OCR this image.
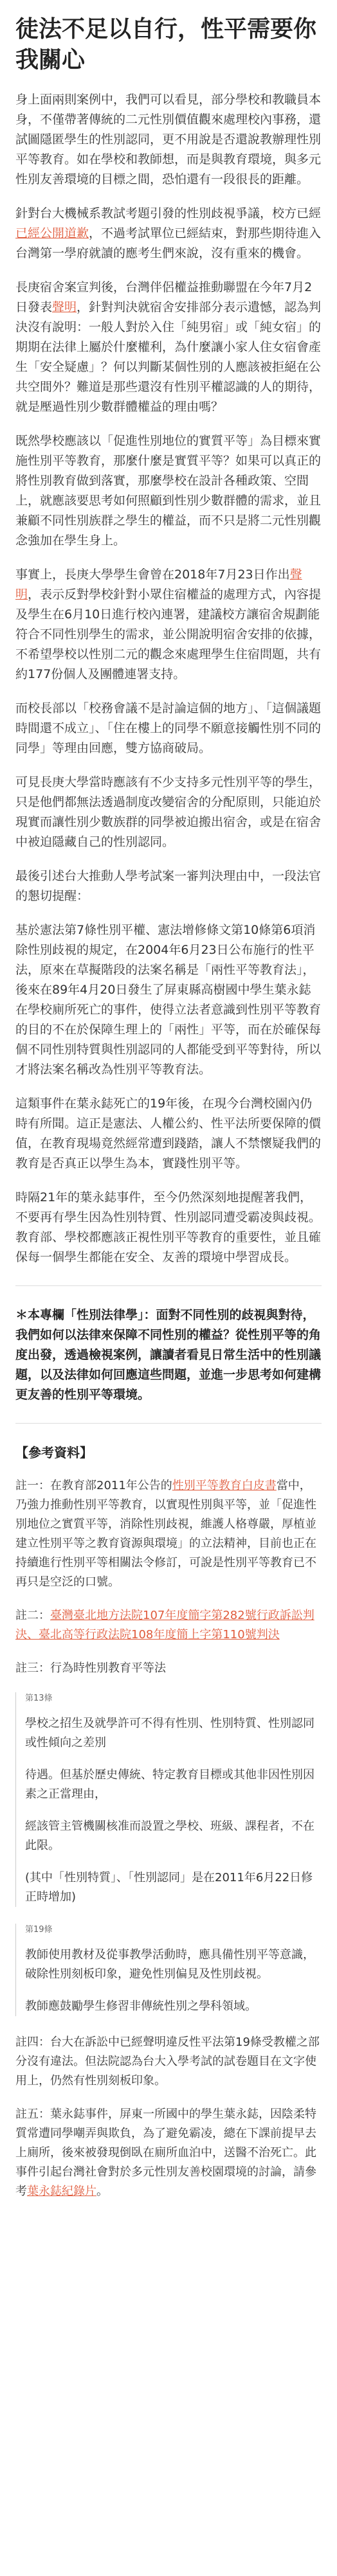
徒法不足以自行，性平需要你我關心

身上面兩則案例中，我們可以看見，部分學校和教職員本身，不僅帶著傳統的二元性別價值觀來處理校內事務，還試圖隱匿學生的性別認同，更不用說是否還說教辦理性別平等教育。如在學校和教師想，而是與教育環境，與多元性別友善環境的目標之間，恐怕還有一段很長的距離。

針對台大機械系教試考題引發的性別歧視爭議，校方已經已經公開道歉，不過考試單位已經結束，對那些期待進入台灣第一學府就讀的應考生們來說，沒有重來的機會。

長庚宿舍案宣判後，台灣伴侶權益推動聯盟在今年7月2日發表聲明，針對判決就宿舍安排部分表示遺憾，認為判決沒有說明：一般人對於入住「純男宿」或「純女宿」的期期在法律上屬於什麼權利，為什麼讓小家人住女宿會產生「安全疑慮」？何以判斷某個性別的人應該被拒絕在公共空間外？難道是那些還沒有性別平權認識的人的期待，就是壓過性別少數群體權益的理由嗎？

既然學校應該以「促進性別地位的實質平等」為目標來實施性別平等教育，那麼什麼是實質平等？如果可以真正的將性別教育做到落實，那麼學校在設計各種政策、空間上，就應該要思考如何照顧到性別少數群體的需求，並且兼顧不同性別族群之學生的權益，而不只是將二元性別觀念強加在學生身上。

事實上，長庚大學學生會曾在2018年7月23日作出聲明，表示反對學校針對小眾住宿權益的處理方式，內容提及學生在6月10日進行校內連署，建議校方讓宿舍規劃能符合不同性別學生的需求，並公開說明宿舍安排的依據，不希望學校以性別二元的觀念來處理學生住宿問題，共有約177份個人及團體連署支持。

而校長部以「校務會議不是討論這個的地方」、「這個議題時間還不成立」、「住在樓上的同學不願意接觸性別不同的同學」等理由回應，雙方協商破局。

可見長庚大學當時應該有不少支持多元性別平等的學生，只是他們都無法透過制度改變宿舍的分配原則，只能迫於現實而讓性別少數族群的同學被迫搬出宿舍，或是在宿舍中被迫隱藏自己的性別認同。

最後引述台大推動人學考試案一審判決理由中，一段法官的懇切提醒：

基於憲法第7條性別平權、憲法增修條文第10條第6項消除性別歧視的規定，在2004年6月23日公布施行的性平法，原來在草擬階段的法案名稱是「兩性平等教育法」，後來在89年4月20日發生了屏東縣高樹國中學生葉永鋕在學校廁所死亡的事件，使得立法者意識到性別平等教育的目的不在於保障生理上的「兩性」平等，而在於確保每個不同性別特質與性別認同的人都能受到平等對待，所以才將法案名稱改為性別平等教育法。

這類事件在葉永鋕死亡的19年後，在現今台灣校園內仍時有所聞。這正是憲法、人權公約、性平法所要保障的價值，在教育現場竟然經常遭到踐踏，讓人不禁懷疑我們的教育是否真正以學生為本，實踐性別平等。

時隔21年的葉永鋕事件，至今仍然深刻地提醒著我們，不要再有學生因為性別特質、性別認同遭受霸凌與歧視。教育部、學校都應該正視性別平等教育的重要性，並且確保每一個學生都能在安全、友善的環境中學習成長。

＊本專欄「性別法律學」：面對不同性別的歧視與對待，我們如何以法律來保障不同性別的權益？從性別平等的角度出發，透過檢視案例，讓讀者看見日常生活中的性別議題，以及法律如何回應這些問題，並進一步思考如何建構更友善的性別平等環境。

【參考資料】

註一：在教育部2011年公告的性別平等教育白皮書當中，乃強力推動性別平等教育，以實現性別與平等，並「促進性別地位之實質平等，消除性別歧視，維護人格尊嚴，厚植並建立性別平等之教育資源與環境」的立法精神，目前也正在持續進行性別平等相關法令修訂，可說是性別平等教育已不再只是空泛的口號。

註二：臺灣臺北地方法院107年度簡字第282號行政訴訟判決、臺北高等行政法院108年度簡上字第110號判決

註三：行為時性別教育平等法

第13條

學校之招生及就學許可不得有性別、性別特質、性別認同或性傾向之差別

待遇。但基於歷史傳統、特定教育目標或其他非因性別因素之正當理由，

經該管主管機關核准而設置之學校、班級、課程者，不在此限。

(其中「性別特質」、「性別認同」是在2011年6月22日修正時增加)

第19條

教師使用教材及從事教學活動時，應具備性別平等意識，破除性別刻板印象，避免性別偏見及性別歧視。

教師應鼓勵學生修習非傳統性別之學科領域。

註四：台大在訴訟中已經聲明違反性平法第19條受教權之部分沒有違法。但法院認為台大入學考試的試卷題目在文字使用上，仍然有性別刻板印象。

註五：葉永鋕事件，屏東一所國中的學生葉永鋕，因陰柔特質常遭同學嘲弄與欺負，為了避免霸凌，總在下課前提早去上廁所，後來被發現倒臥在廁所血泊中，送醫不治死亡。此事件引起台灣社會對於多元性別友善校園環境的討論，請參考葉永鋕紀錄片。
